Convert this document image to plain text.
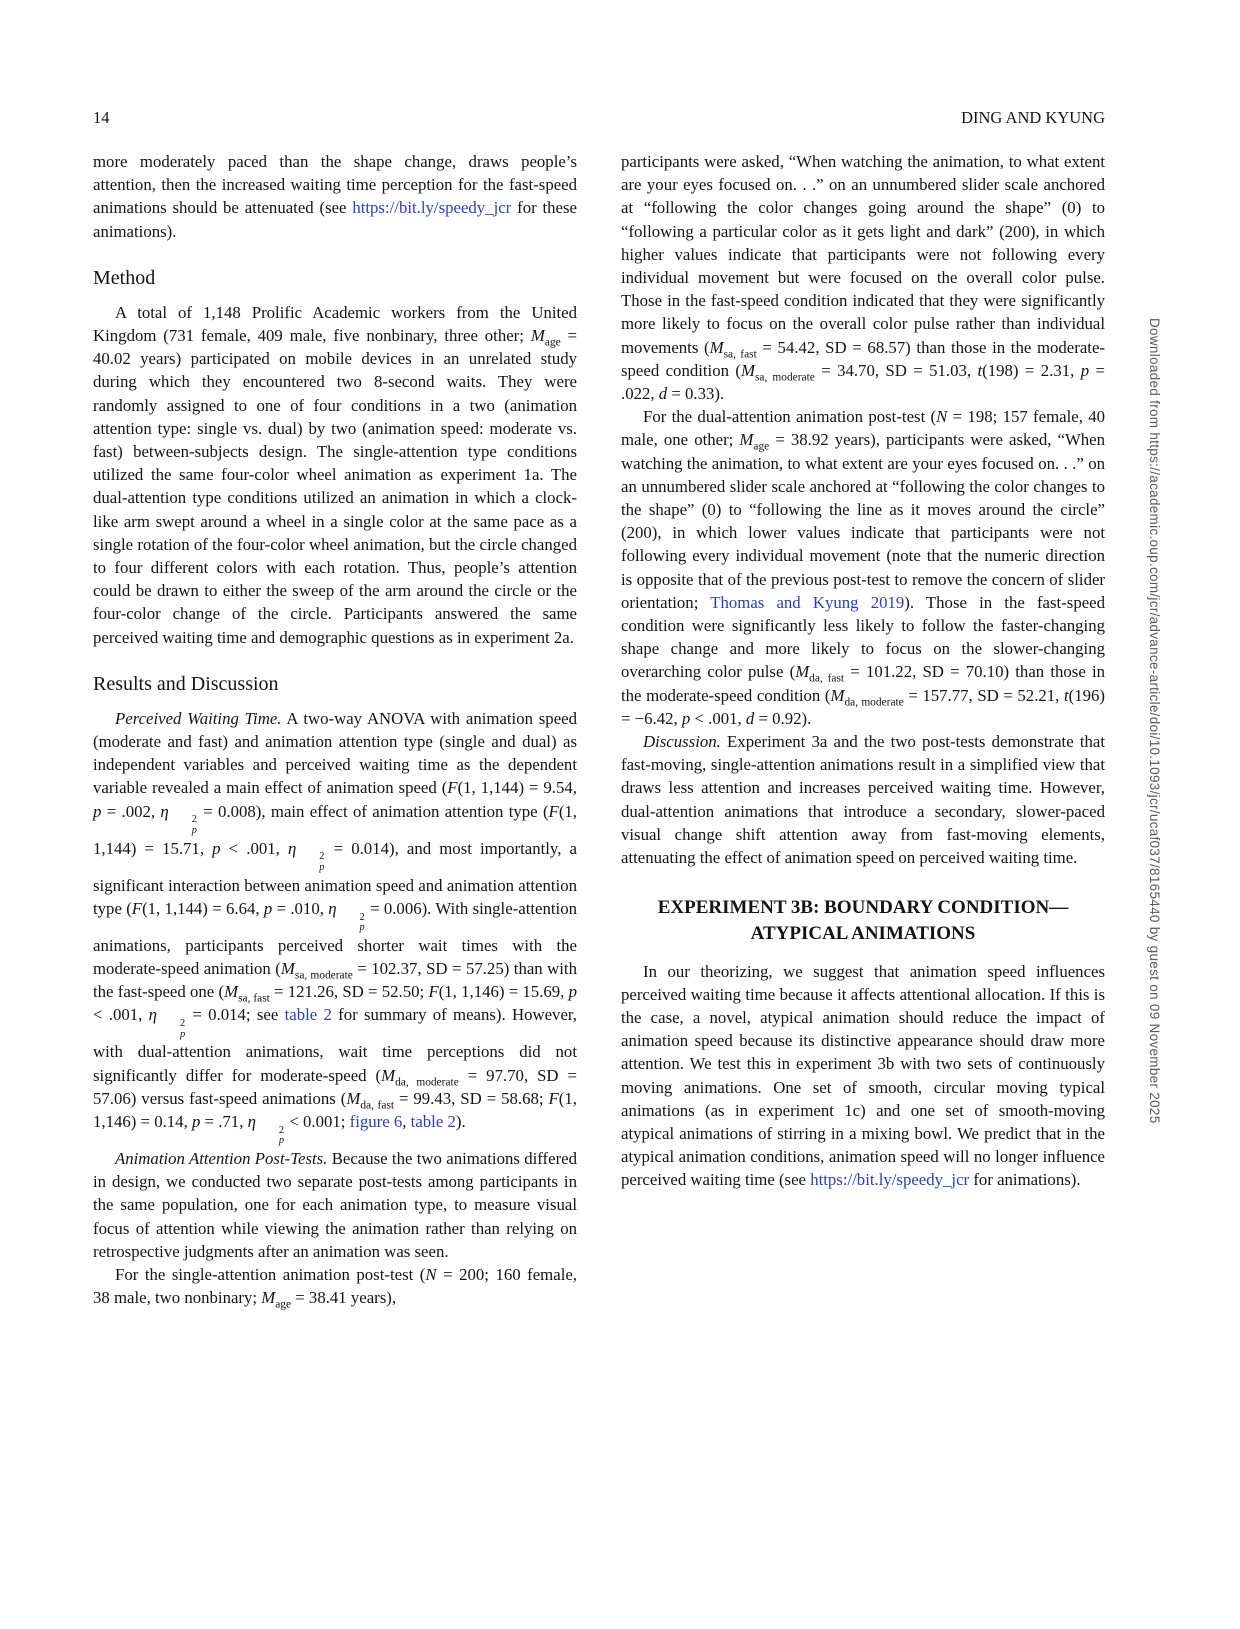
14	DING AND KYUNG

more moderately paced than the shape change, draws people’s attention, then the increased waiting time perception for the fast-speed animations should be attenuated (see https://bit.ly/speedy_jcr for these animations).

Method

A total of 1,148 Prolific Academic workers from the United Kingdom (731 female, 409 male, five nonbinary, three other; $M_{age} = 40.02$ years) participated on mobile devices in an unrelated study during which they encountered two 8-second waits. They were randomly assigned to one of four conditions in a two (animation attention type: single vs. dual) by two (animation speed: moderate vs. fast) between-subjects design. The single-attention type conditions utilized the same four-color wheel animation as experiment 1a. The dual-attention type conditions utilized an animation in which a clock-like arm swept around a wheel in a single color at the same pace as a single rotation of the four-color wheel animation, but the circle changed to four different colors with each rotation. Thus, people’s attention could be drawn to either the sweep of the arm around the circle or the four-color change of the circle. Participants answered the same perceived waiting time and demographic questions as in experiment 2a.

Results and Discussion

Perceived Waiting Time. A two-way ANOVA with animation speed (moderate and fast) and animation attention type (single and dual) as independent variables and perceived waiting time as the dependent variable revealed a main effect of animation speed (F(1, 1,144) = 9.54, p = .002, η	2
p
= 0.008), main effect of animation attention type (F(1, 1,144) = 15.71, p < .001, η	2
p
= 0.014), and most importantly, a significant interaction between animation speed and animation attention type (F(1, 1,144) = 6.64, p = .010, η	2
p
= 0.006). With single-attention animations, participants perceived shorter wait times with the moderate-speed animation ($M_{sa, moderate} = 102.37$, SD = 57.25) than with the fast-speed one ($M_{sa, fast} = 121.26$, SD = 52.50; F(1, 1,146) = 15.69, p < .001, η	2
p
= 0.014; see table 2 for summary of means). However, with dual-attention animations, wait time perceptions did not significantly differ for moderate-speed ($M_{da, moderate} = 97.70$, SD = 57.06) versus fast-speed animations ($M_{da, fast} = 99.43$, SD = 58.68; F(1, 1,146) = 0.14, p = .71, η	2
p
< 0.001; figure 6, table 2).

Animation Attention Post-Tests. Because the two animations differed in design, we conducted two separate post-tests among participants in the same population, one for each animation type, to measure visual focus of attention while viewing the animation rather than relying on retrospective judgments after an animation was seen.

For the single-attention animation post-test (N = 200; 160 female, 38 male, two nonbinary; $M_{age} = 38.41$ years),

participants were asked, “When watching the animation, to what extent are your eyes focused on. . .” on an unnumbered slider scale anchored at “following the color changes going around the shape” (0) to “following a particular color as it gets light and dark” (200), in which higher values indicate that participants were not following every individual movement but were focused on the overall color pulse. Those in the fast-speed condition indicated that they were significantly more likely to focus on the overall color pulse rather than individual movements ($M_{sa, fast} = 54.42$, SD = 68.57) than those in the moderate-speed condition ($M_{sa, moderate} = 34.70$, SD = 51.03, t(198) = 2.31, p = .022, d = 0.33).

For the dual-attention animation post-test (N = 198; 157 female, 40 male, one other; $M_{age} = 38.92$ years), participants were asked, “When watching the animation, to what extent are your eyes focused on. . .” on an unnumbered slider scale anchored at “following the color changes to the shape” (0) to “following the line as it moves around the circle” (200), in which lower values indicate that participants were not following every individual movement (note that the numeric direction is opposite that of the previous post-test to remove the concern of slider orientation; Thomas and Kyung 2019). Those in the fast-speed condition were significantly less likely to follow the faster-changing shape change and more likely to focus on the slower-changing overarching color pulse ($M_{da, fast} = 101.22$, SD = 70.10) than those in the moderate-speed condition ($M_{da, moderate} = 157.77$, SD = 52.21, t(196) = −6.42, p < .001, d = 0.92).

Discussion. Experiment 3a and the two post-tests demonstrate that fast-moving, single-attention animations result in a simplified view that draws less attention and increases perceived waiting time. However, dual-attention animations that introduce a secondary, slower-paced visual change shift attention away from fast-moving elements, attenuating the effect of animation speed on perceived waiting time.

EXPERIMENT 3B: BOUNDARY CONDITION—ATYPICAL ANIMATIONS

In our theorizing, we suggest that animation speed influences perceived waiting time because it affects attentional allocation. If this is the case, a novel, atypical animation should reduce the impact of animation speed because its distinctive appearance should draw more attention. We test this in experiment 3b with two sets of continuously moving animations. One set of smooth, circular moving typical animations (as in experiment 1c) and one set of smooth-moving atypical animations of stirring in a mixing bowl. We predict that in the atypical animation conditions, animation speed will no longer influence perceived waiting time (see https://bit.ly/speedy_jcr for animations).

Downloaded from https://academic.oup.com/jcr/advance-article/doi/10.1093/jcr/ucaf037/8165440 by guest on 09 November 2025
